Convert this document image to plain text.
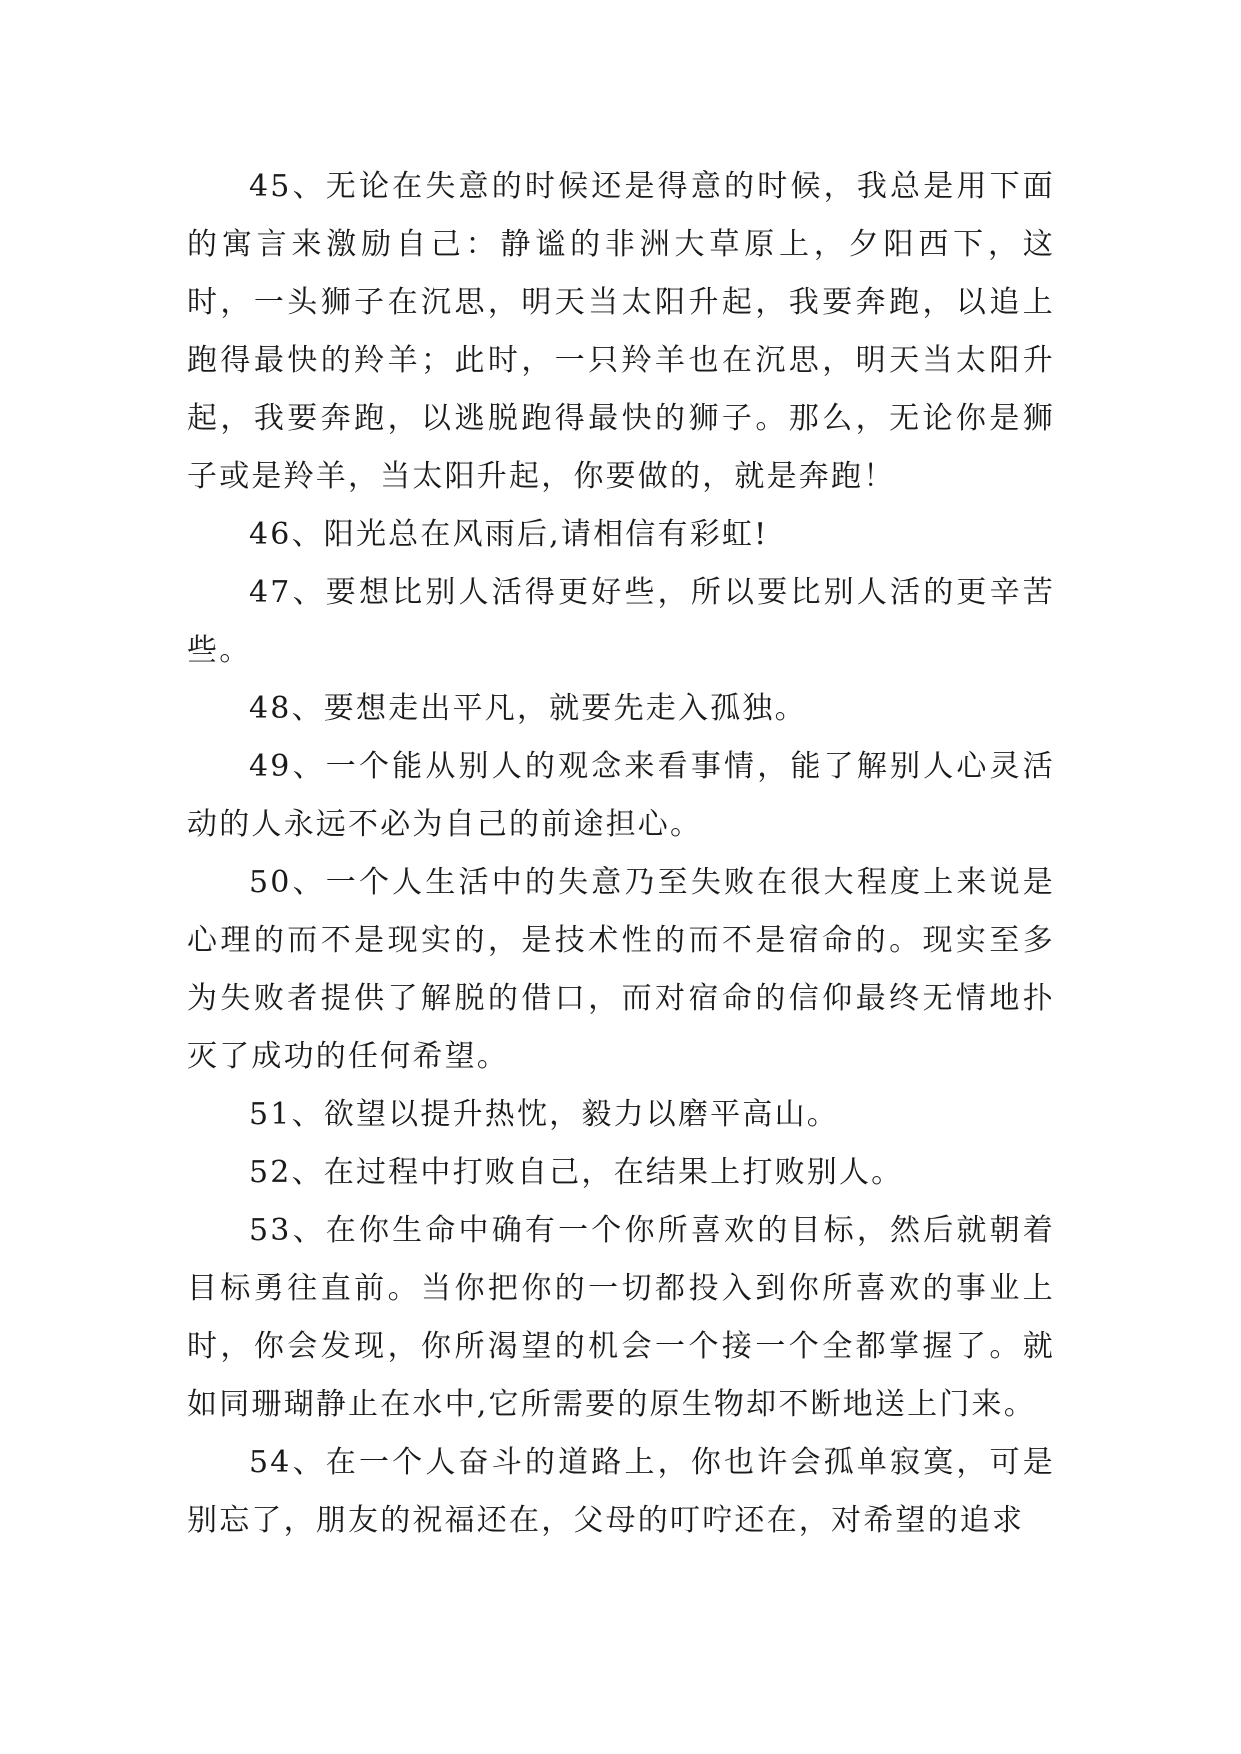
45、无论在失意的时候还是得意的时候，我总是用下面的寓言来激励自己：静谧的非洲大草原上，夕阳西下，这时，一头狮子在沉思，明天当太阳升起，我要奔跑，以追上跑得最快的羚羊；此时，一只羚羊也在沉思，明天当太阳升起，我要奔跑，以逃脱跑得最快的狮子。那么，无论你是狮子或是羚羊，当太阳升起，你要做的，就是奔跑！

46、阳光总在风雨后,请相信有彩虹!

47、要想比别人活得更好些，所以要比别人活的更辛苦些。

48、要想走出平凡，就要先走入孤独。

49、一个能从别人的观念来看事情，能了解别人心灵活动的人永远不必为自己的前途担心。

50、一个人生活中的失意乃至失败在很大程度上来说是心理的而不是现实的，是技术性的而不是宿命的。现实至多为失败者提供了解脱的借口，而对宿命的信仰最终无情地扑灭了成功的任何希望。

51、欲望以提升热忱，毅力以磨平高山。

52、在过程中打败自己，在结果上打败别人。

53、在你生命中确有一个你所喜欢的目标，然后就朝着目标勇往直前。当你把你的一切都投入到你所喜欢的事业上时，你会发现，你所渴望的机会一个接一个全都掌握了。就如同珊瑚静止在水中,它所需要的原生物却不断地送上门来。

54、在一个人奋斗的道路上，你也许会孤单寂寞，可是别忘了，朋友的祝福还在，父母的叮咛还在，对希望的追求
